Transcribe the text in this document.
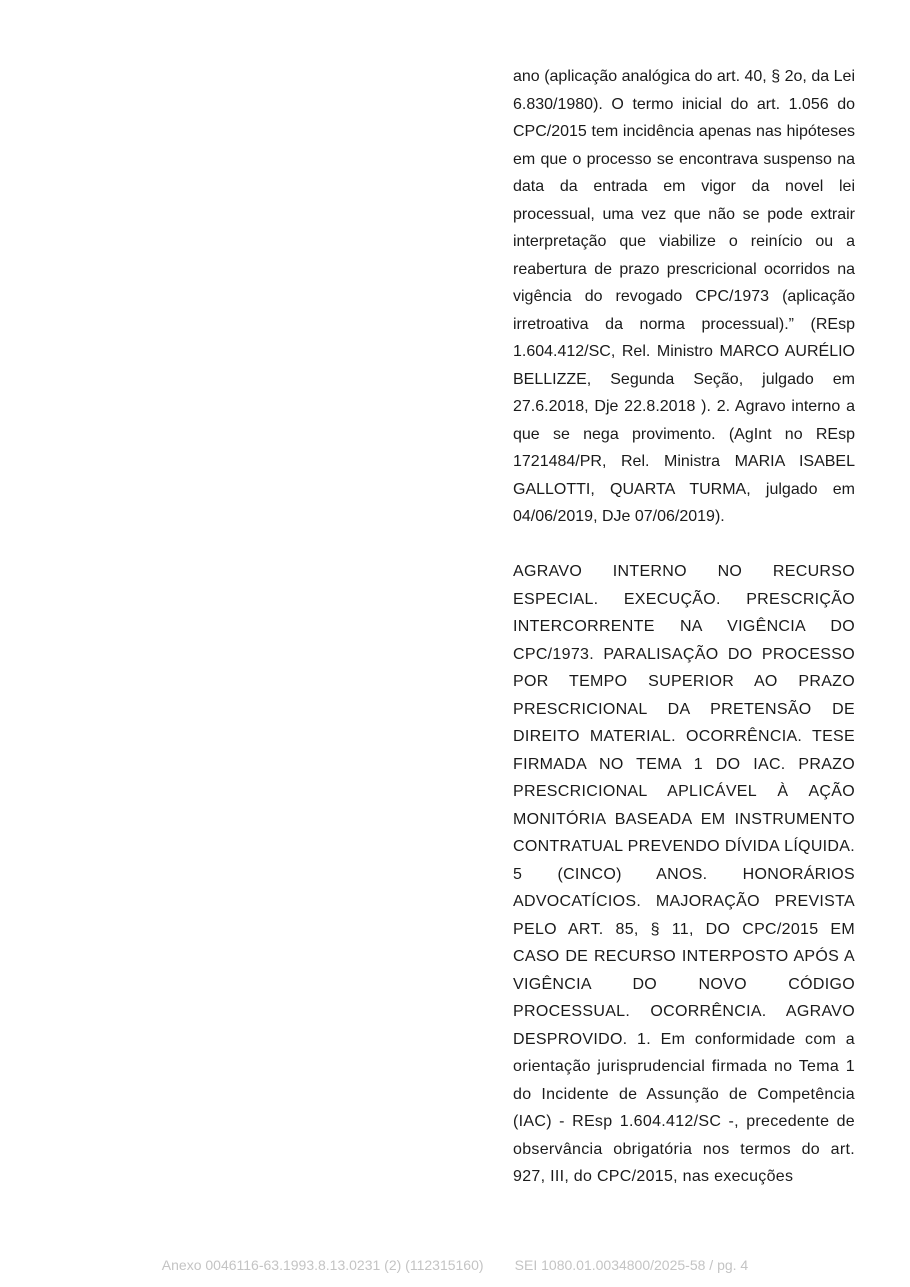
ano (aplicação analógica do art. 40, § 2o, da Lei 6.830/1980). O termo inicial do art. 1.056 do CPC/2015 tem incidência apenas nas hipóteses em que o processo se encontrava suspenso na data da entrada em vigor da novel lei processual, uma vez que não se pode extrair interpretação que viabilize o reinício ou a reabertura de prazo prescricional ocorridos na vigência do revogado CPC/1973 (aplicação irretroativa da norma processual).” (REsp 1.604.412/SC, Rel. Ministro MARCO AURÉLIO BELLIZZE, Segunda Seção, julgado em 27.6.2018, Dje 22.8.2018 ). 2. Agravo interno a que se nega provimento. (AgInt no REsp 1721484/PR, Rel. Ministra MARIA ISABEL GALLOTTI, QUARTA TURMA, julgado em 04/06/2019, DJe 07/06/2019).

AGRAVO INTERNO NO RECURSO ESPECIAL. EXECUÇÃO. PRESCRIÇÃO INTERCORRENTE NA VIGÊNCIA DO CPC/1973. PARALISAÇÃO DO PROCESSO POR TEMPO SUPERIOR AO PRAZO PRESCRICIONAL DA PRETENSÃO DE DIREITO MATERIAL. OCORRÊNCIA. TESE FIRMADA NO TEMA 1 DO IAC. PRAZO PRESCRICIONAL APLICÁVEL À AÇÃO MONITÓRIA BASEADA EM INSTRUMENTO CONTRATUAL PREVENDO DÍVIDA LÍQUIDA. 5 (CINCO) ANOS. HONORÁRIOS ADVOCATÍCIOS. MAJORAÇÃO PREVISTA PELO ART. 85, § 11, DO CPC/2015 EM CASO DE RECURSO INTERPOSTO APÓS A VIGÊNCIA DO NOVO CÓDIGO PROCESSUAL. OCORRÊNCIA. AGRAVO DESPROVIDO. 1. Em conformidade com a orientação jurisprudencial firmada no Tema 1 do Incidente de Assunção de Competência (IAC) - REsp 1.604.412/SC -, precedente de observância obrigatória nos termos do art. 927, III, do CPC/2015, nas execuções

Anexo 0046116-63.1993.8.13.0231 (2) (112315160) SEI 1080.01.0034800/2025-58 / pg. 4
